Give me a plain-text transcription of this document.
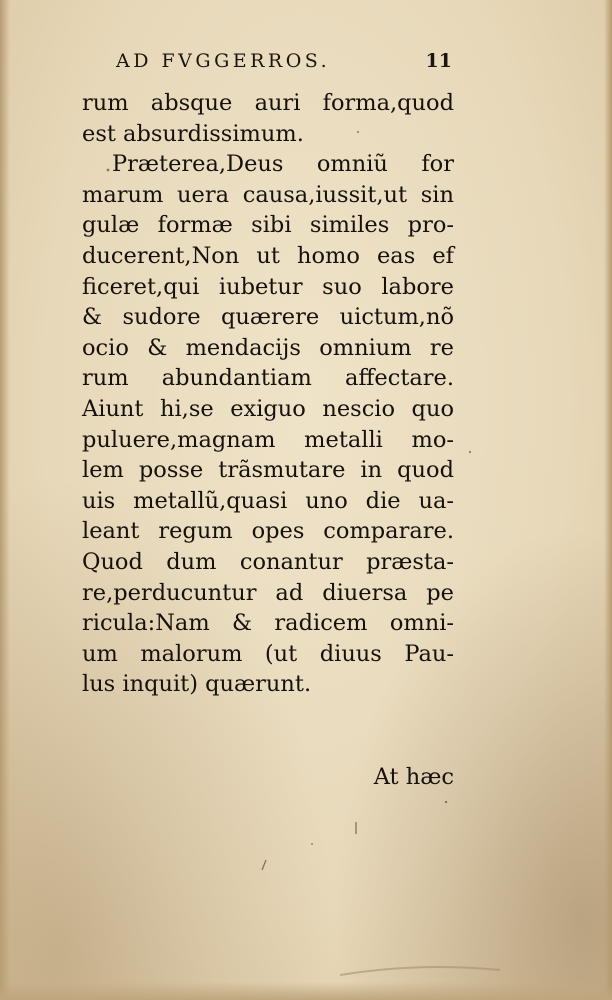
AD FVGGERROS.	11
rum absque auri forma,quod
est absurdissimum.
Præterea,Deus omniũ for
marum uera causa,iussit,ut sin
gulæ formæ sibi similes pro-
ducerent,Non ut homo eas ef
ficeret,qui iubetur suo labore
& sudore quærere uictum,nõ
ocio & mendacijs omnium re
rum abundantiam affectare.
Aiunt hi,se exiguo nescio quo
puluere,magnam metalli mo-
lem posse trãsmutare in quod
uis metallũ,quasi uno die ua-
leant regum opes comparare.
Quod dum conantur præsta-
re,perducuntur ad diuersa pe
ricula:Nam & radicem omni-
um malorum (ut diuus Pau-
lus inquit) quærunt.
At hæc
